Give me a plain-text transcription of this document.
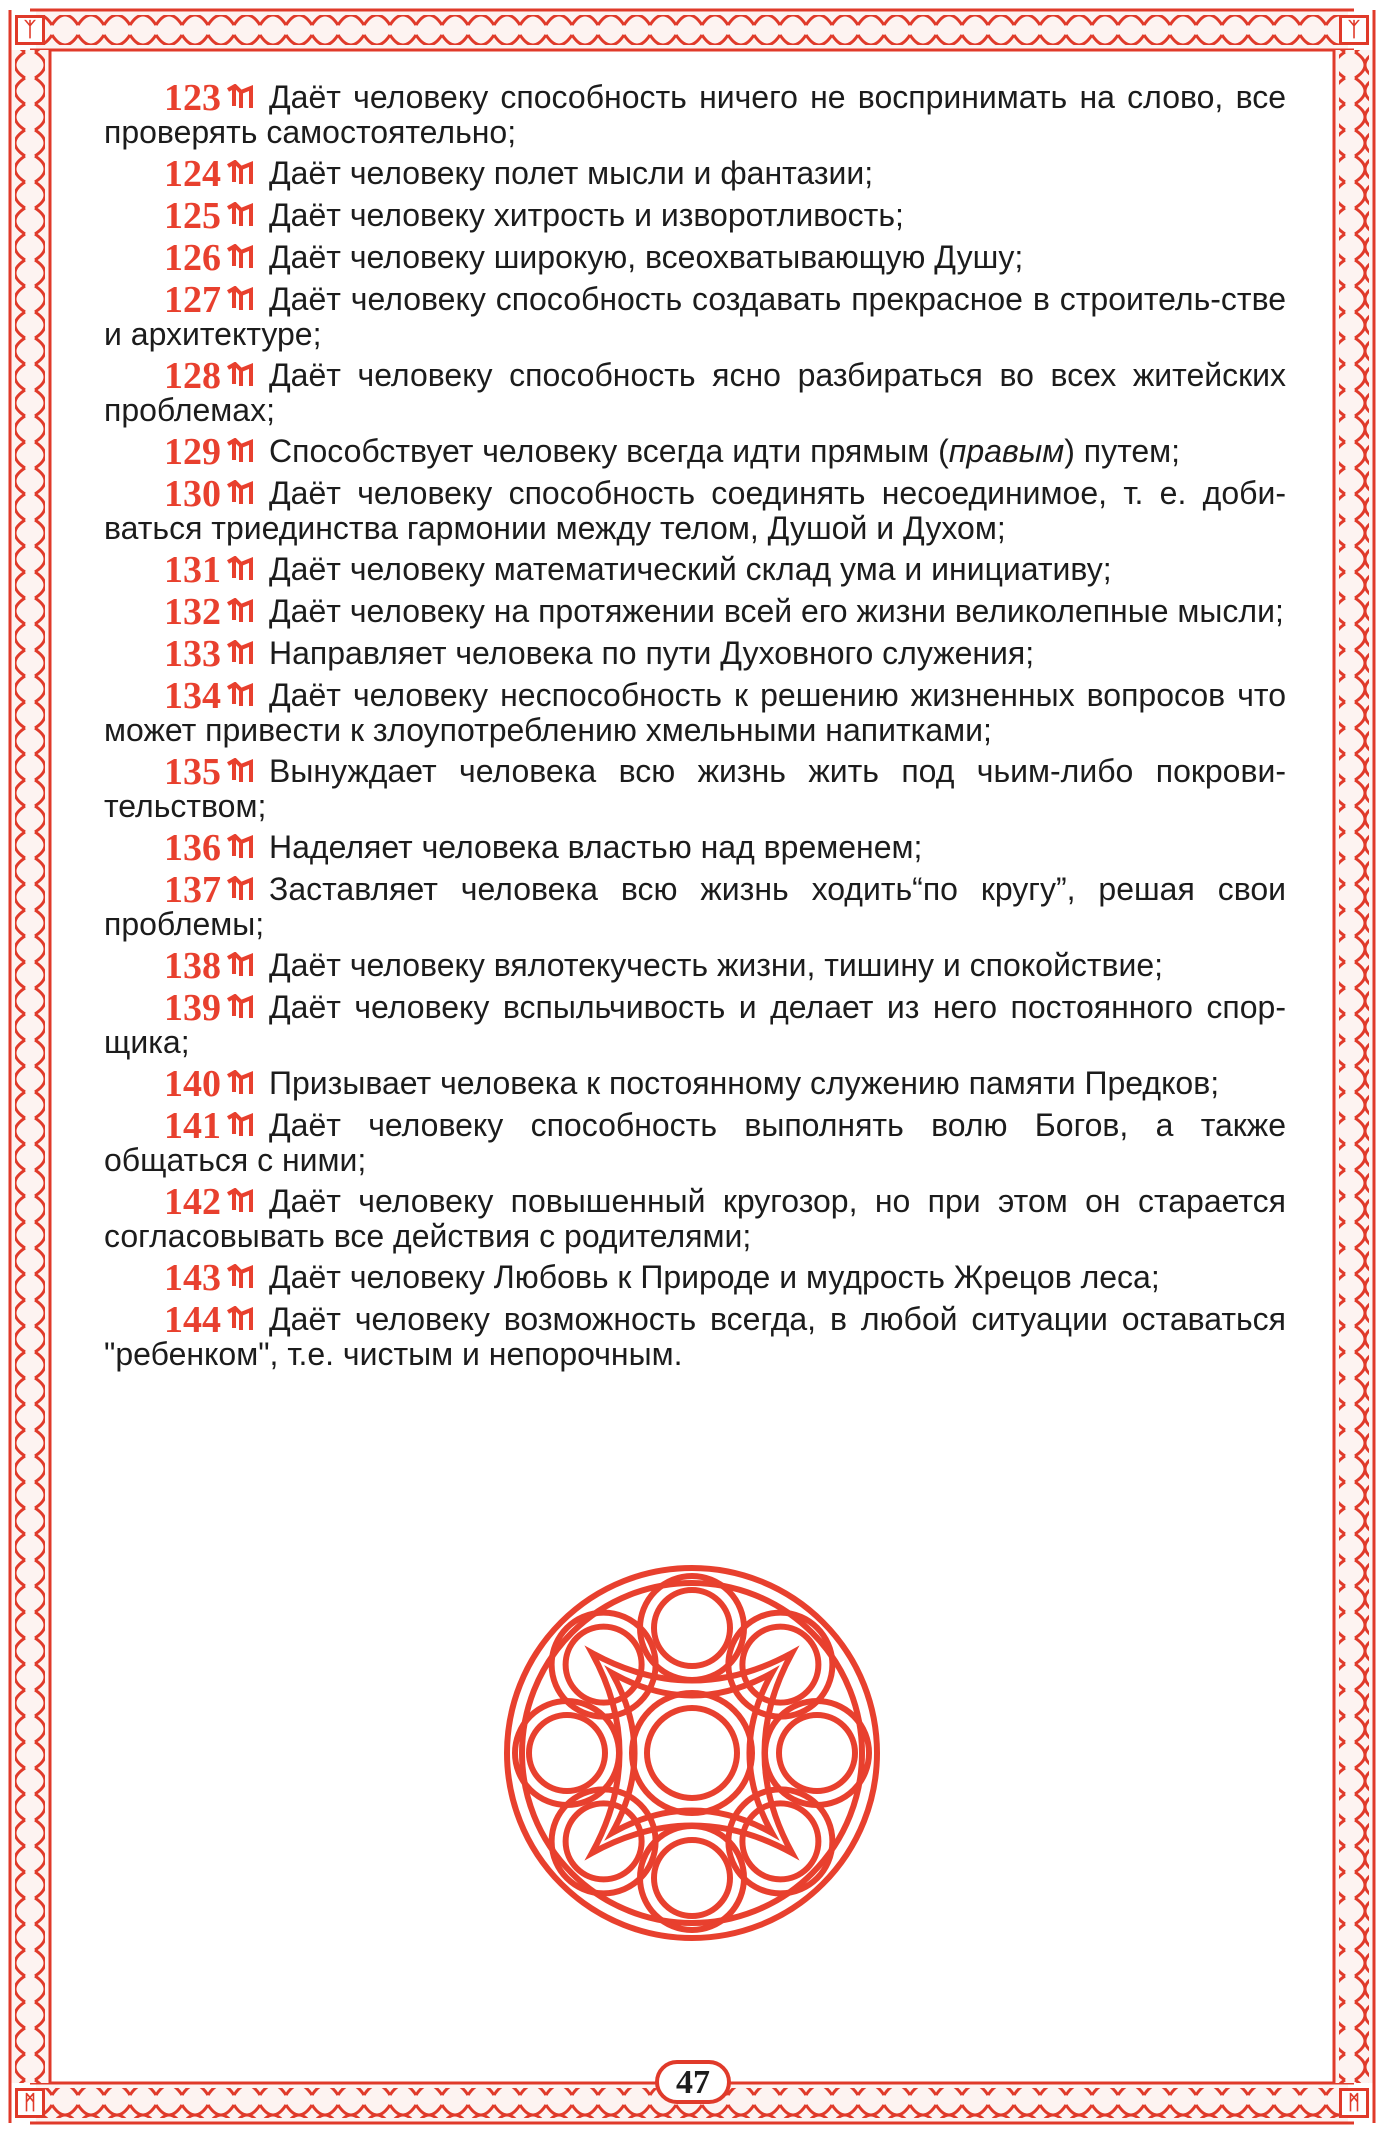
ᛉ	ᛉ
ᛗ	ᛗ

123 Даёт человеку способность ничего не воспринимать на слово, все проверять самостоятельно;

124 Даёт человеку полет мысли и фантазии;

125 Даёт человеку хитрость и изворотливость;

126 Даёт человеку широкую, всеохватывающую Душу;

127 Даёт человеку способность создавать прекрасное в строитель-стве и архитектуре;

128 Даёт человеку способность ясно разбираться во всех житейских проблемах;

129 Способствует человеку всегда идти прямым (правым) путем;

130 Даёт человеку способность соединять несоединимое, т. е. доби-ваться триединства гармонии между телом, Душой и Духом;

131 Даёт человеку математический склад ума и инициативу;

132 Даёт человеку на протяжении всей его жизни великолепные мысли;

133 Направляет человека по пути Духовного служения;

134 Даёт человеку неспособность к решению жизненных вопросов что может привести к злоупотреблению хмельными напитками;

135 Вынуждает человека всю жизнь жить под чьим-либо покрови-тельством;

136 Наделяет человека властью над временем;

137 Заставляет человека всю жизнь ходить“по кругу”, решая свои проблемы;

138 Даёт человеку вялотекучесть жизни, тишину и спокойствие;

139 Даёт человеку вспыльчивость и делает из него постоянного спор-щика;

140 Призывает человека к постоянному служению памяти Предков;

141 Даёт человеку способность выполнять волю Богов, а также общаться с ними;

142 Даёт человеку повышенный кругозор, но при этом он старается согласовывать все действия с родителями;

143 Даёт человеку Любовь к Природе и мудрость Жрецов леса;

144 Даёт человеку возможность всегда, в любой ситуации оставаться "ребенком", т.е. чистым и непорочным.

47
